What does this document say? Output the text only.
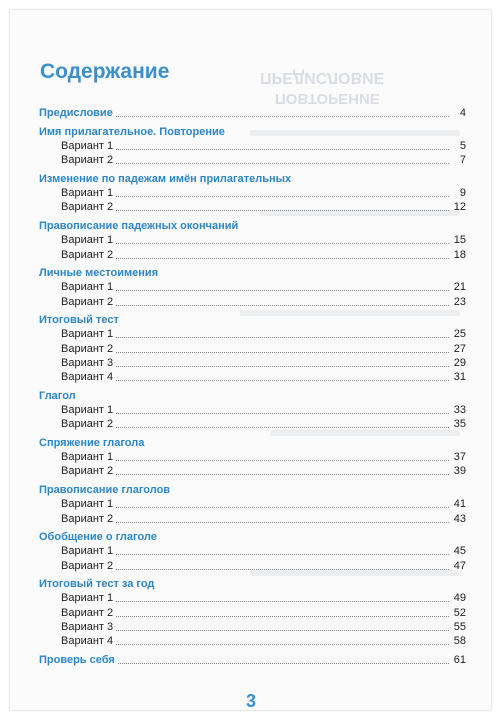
ПРЕДИСЛОВИЕ
ПОВТОРЕНИЕ
Содержание
Предисловие	4
Имя прилагательное. Повторение
Вариант 1	5
Вариант 2	7
Изменение по падежам имён прилагательных
Вариант 1	9
Вариант 2	12
Правописание падежных окончаний
Вариант 1	15
Вариант 2	18
Личные местоимения
Вариант 1	21
Вариант 2	23
Итоговый тест
Вариант 1	25
Вариант 2	27
Вариант 3	29
Вариант 4	31
Глагол
Вариант 1	33
Вариант 2	35
Спряжение глагола
Вариант 1	37
Вариант 2	39
Правописание глаголов
Вариант 1	41
Вариант 2	43
Обобщение о глаголе
Вариант 1	45
Вариант 2	47
Итоговый тест за год
Вариант 1	49
Вариант 2	52
Вариант 3	55
Вариант 4	58
Проверь себя	61
3
